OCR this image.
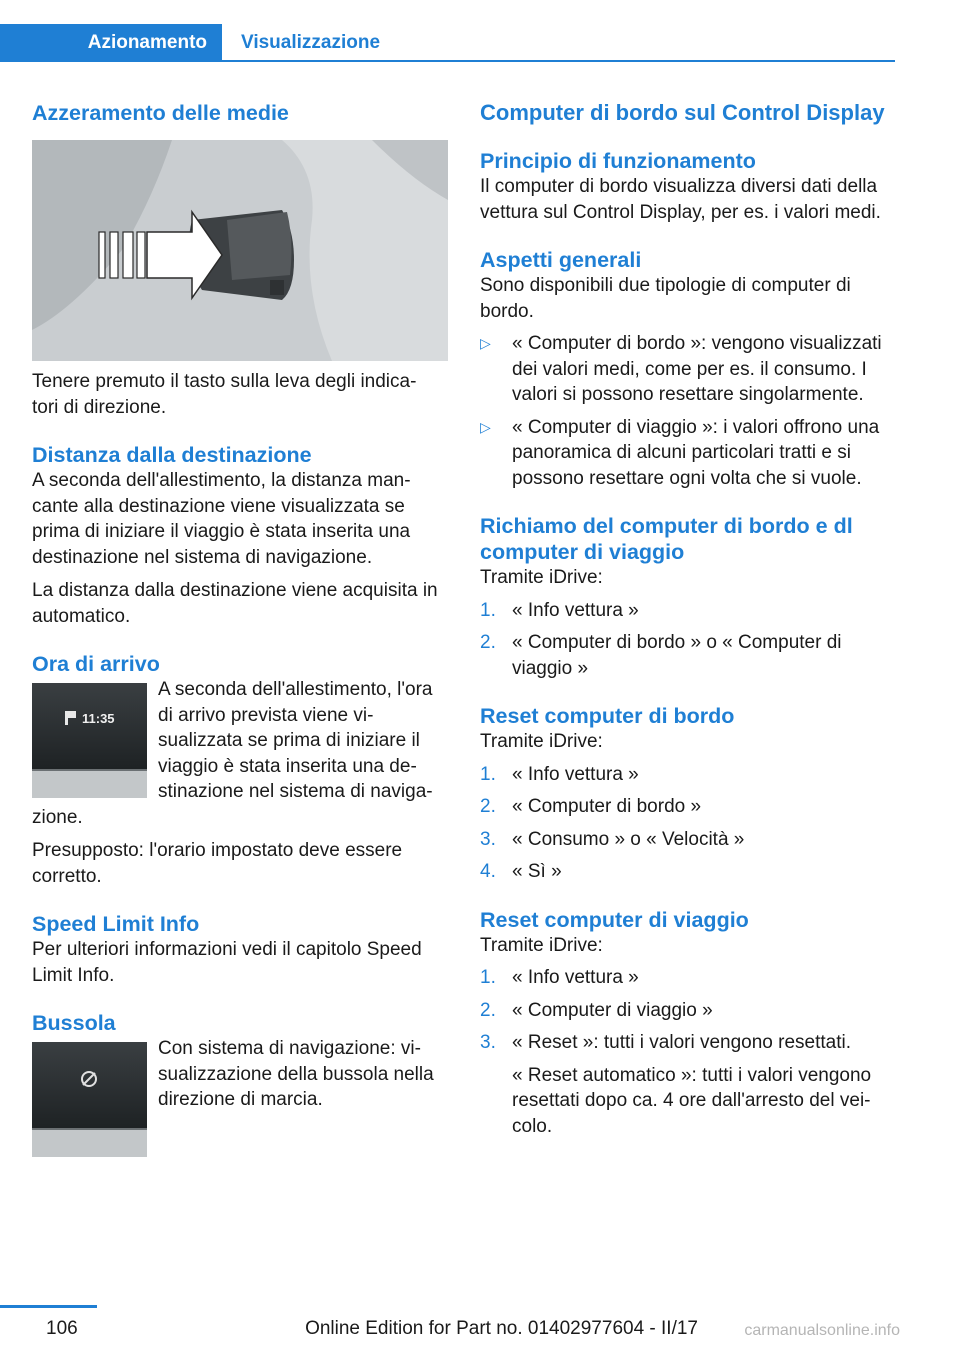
Azionamento	Visualizzazione
Azzeramento delle medie

Tenere premuto il tasto sulla leva degli indica- tori di direzione.

Distanza dalla destinazione

A seconda dell'allestimento, la distanza man- cante alla destinazione viene visualizzata se prima di iniziare il viaggio è stata inserita una destinazione nel sistema di navigazione.

La distanza dalla destinazione viene acquisita in automatico.

Ora di arrivo
11:35

A seconda dell'allestimento, l'ora di arrivo prevista viene vi- sualizzata se prima di iniziare il viaggio è stata inserita una de- stinazione nel sistema di naviga- zione.

Presupposto: l'orario impostato deve essere corretto.

Speed Limit Info

Per ulteriori informazioni vedi il capitolo Speed Limit Info.

Bussola

Con sistema di navigazione: vi- sualizzazione della bussola nella direzione di marcia.

Computer di bordo sul Control Display
Principio di funzionamento

Il computer di bordo visualizza diversi dati della vettura sul Control Display, per es. i valori medi.

Aspetti generali

Sono disponibili due tipologie di computer di bordo.

▷ « Computer di bordo »: vengono visualizzati dei valori medi, come per es. il consumo. I valori si possono resettare singolarmente.
▷ « Computer di viaggio »: i valori offrono una panoramica di alcuni particolari tratti e si possono resettare ogni volta che si vuole.
Richiamo del computer di bordo e dl computer di viaggio

Tramite iDrive:

1. « Info vettura »
2. « Computer di bordo » o « Computer di viaggio »
Reset computer di bordo

Tramite iDrive:

1. « Info vettura »
2. « Computer di bordo »
3. « Consumo » o « Velocità »
4. « Sì »
Reset computer di viaggio

Tramite iDrive:

1. « Info vettura »
2. « Computer di viaggio »
3. « Reset »: tutti i valori vengono resettati.
« Reset automatico »: tutti i valori vengono resettati dopo ca. 4 ore dall'arresto del vei- colo.
106	Online Edition for Part no. 01402977604 - II/17	carmanualsonline.info
